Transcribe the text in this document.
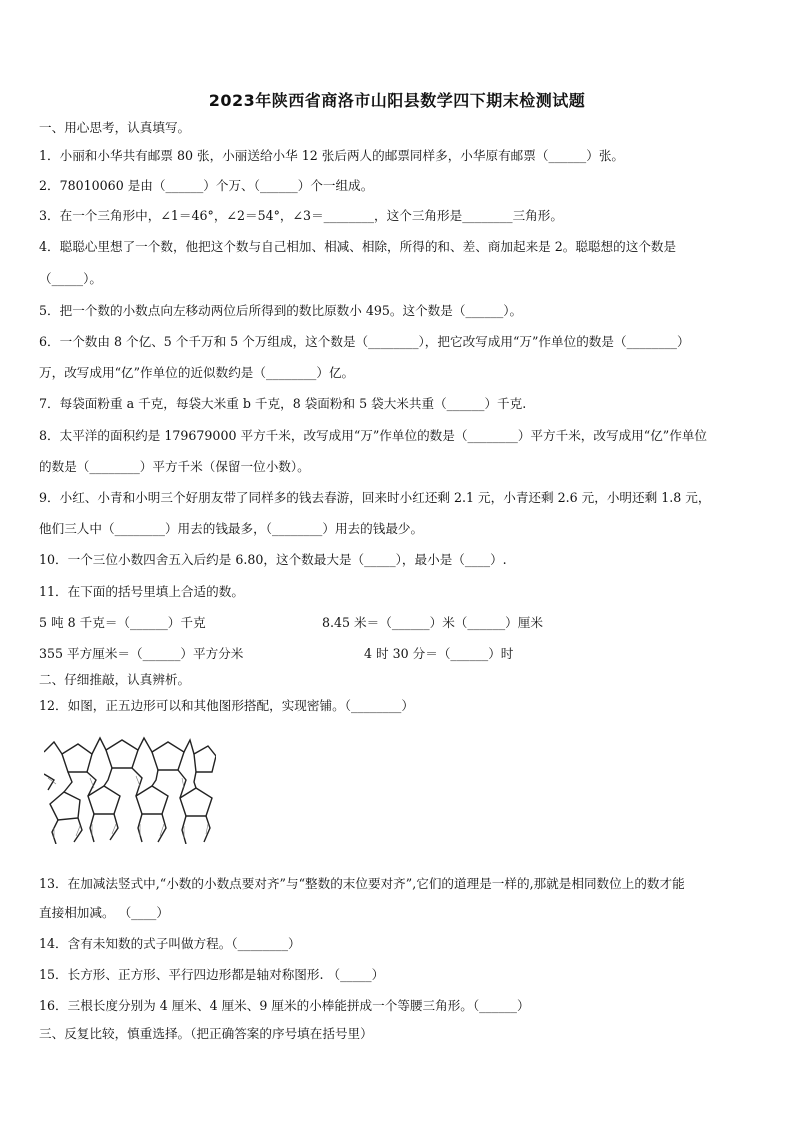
2023年陕西省商洛市山阳县数学四下期末检测试题
一、用心思考，认真填写。
1．小丽和小华共有邮票 80 张，小丽送给小华 12 张后两人的邮票同样多，小华原有邮票（______）张。
2．78010060 是由（______）个万、（______）个一组成。
3．在一个三角形中，∠1＝46°，∠2＝54°，∠3＝________，这个三角形是________三角形。
4．聪聪心里想了一个数，他把这个数与自己相加、相减、相除，所得的和、差、商加起来是 2。聪聪想的这个数是
（_____）。
5．把一个数的小数点向左移动两位后所得到的数比原数小 495。这个数是（______）。
6．一个数由 8 个亿、5 个千万和 5 个万组成，这个数是（________），把它改写成用“万”作单位的数是（________）
万，改写成用“亿”作单位的近似数约是（________）亿。
7．每袋面粉重 a 千克，每袋大米重 b 千克，8 袋面粉和 5 袋大米共重（______）千克.
8．太平洋的面积约是 179679000 平方千米，改写成用“万”作单位的数是（________）平方千米，改写成用“亿”作单位
的数是（________）平方千米（保留一位小数）。
9．小红、小青和小明三个好朋友带了同样多的钱去春游，回来时小红还剩 2.1 元，小青还剩 2.6 元，小明还剩 1.8 元，
他们三人中（________）用去的钱最多，（________）用去的钱最少。
10．一个三位小数四舍五入后约是 6.80，这个数最大是（_____），最小是（____）.
11．在下面的括号里填上合适的数。
5 吨 8 千克＝（______）千克	8.45 米＝（______）米（______）厘米
355 平方厘米＝（______）平方分米	4 时 30 分＝（______）时
二、仔细推敲，认真辨析。
12．如图，正五边形可以和其他图形搭配，实现密铺。（________）
13．在加减法竖式中,“小数的小数点要对齐”与“整数的末位要对齐”,它们的道理是一样的,那就是相同数位上的数才能
直接相加减。 （____）
14．含有未知数的式子叫做方程。（________）
15．长方形、正方形、平行四边形都是轴对称图形. （_____）
16．三根长度分别为 4 厘米、4 厘米、9 厘米的小棒能拼成一个等腰三角形。（______）
三、反复比较，慎重选择。（把正确答案的序号填在括号里）
